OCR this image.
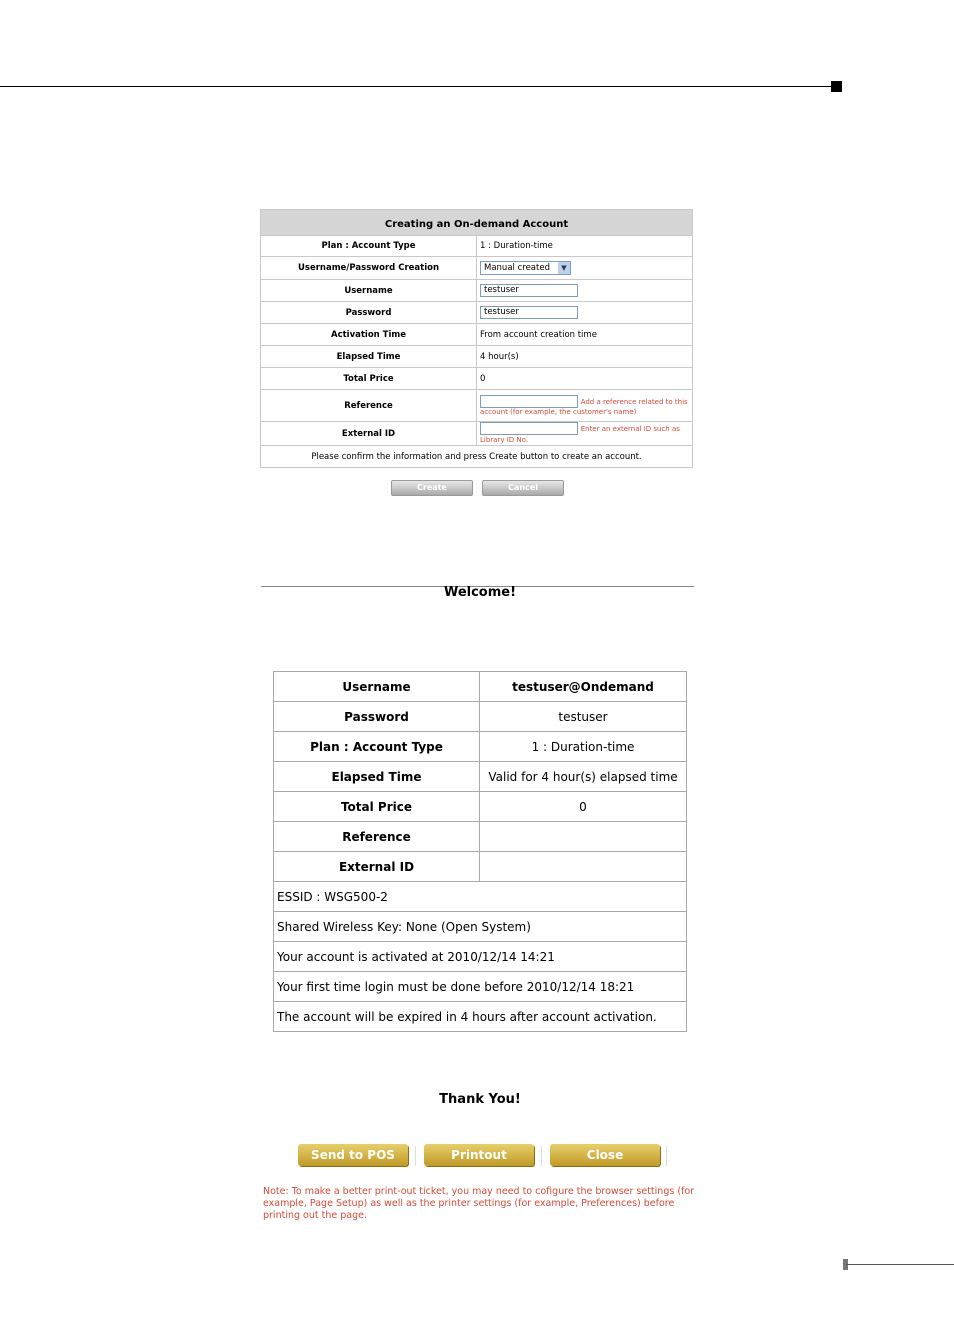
Creating an On-demand Account	
Plan : Account Type	1 : Duration-time
Username/Password Creation	Manual created ▼

Username	testuser
Password	testuser
Activation Time	From account creation time
Elapsed Time	4 hour(s)
Total Price	0
Reference	Add a reference related to this account (for example, the customer's name)
External ID	Enter an external ID such as Library ID No.
Please confirm the information and press Create button to create an account.	
Create	Cancel
Welcome!
Username	testuser@Ondemand
Password	testuser
Plan : Account Type	1 : Duration-time
Elapsed Time	Valid for 4 hour(s) elapsed time
Total Price	0
Reference	
External ID	
ESSID : WSG500-2	
Shared Wireless Key: None (Open System)	
Your account is activated at 2010/12/14 14:21	
Your first time login must be done before 2010/12/14 18:21	
The account will be expired in 4 hours after account activation.	
Thank You!
Send to POS	Printout	Close
Note: To make a better print-out ticket, you may need to cofigure the browser settings (for example, Page Setup) as well as the printer settings (for example, Preferences) before printing out the page.
